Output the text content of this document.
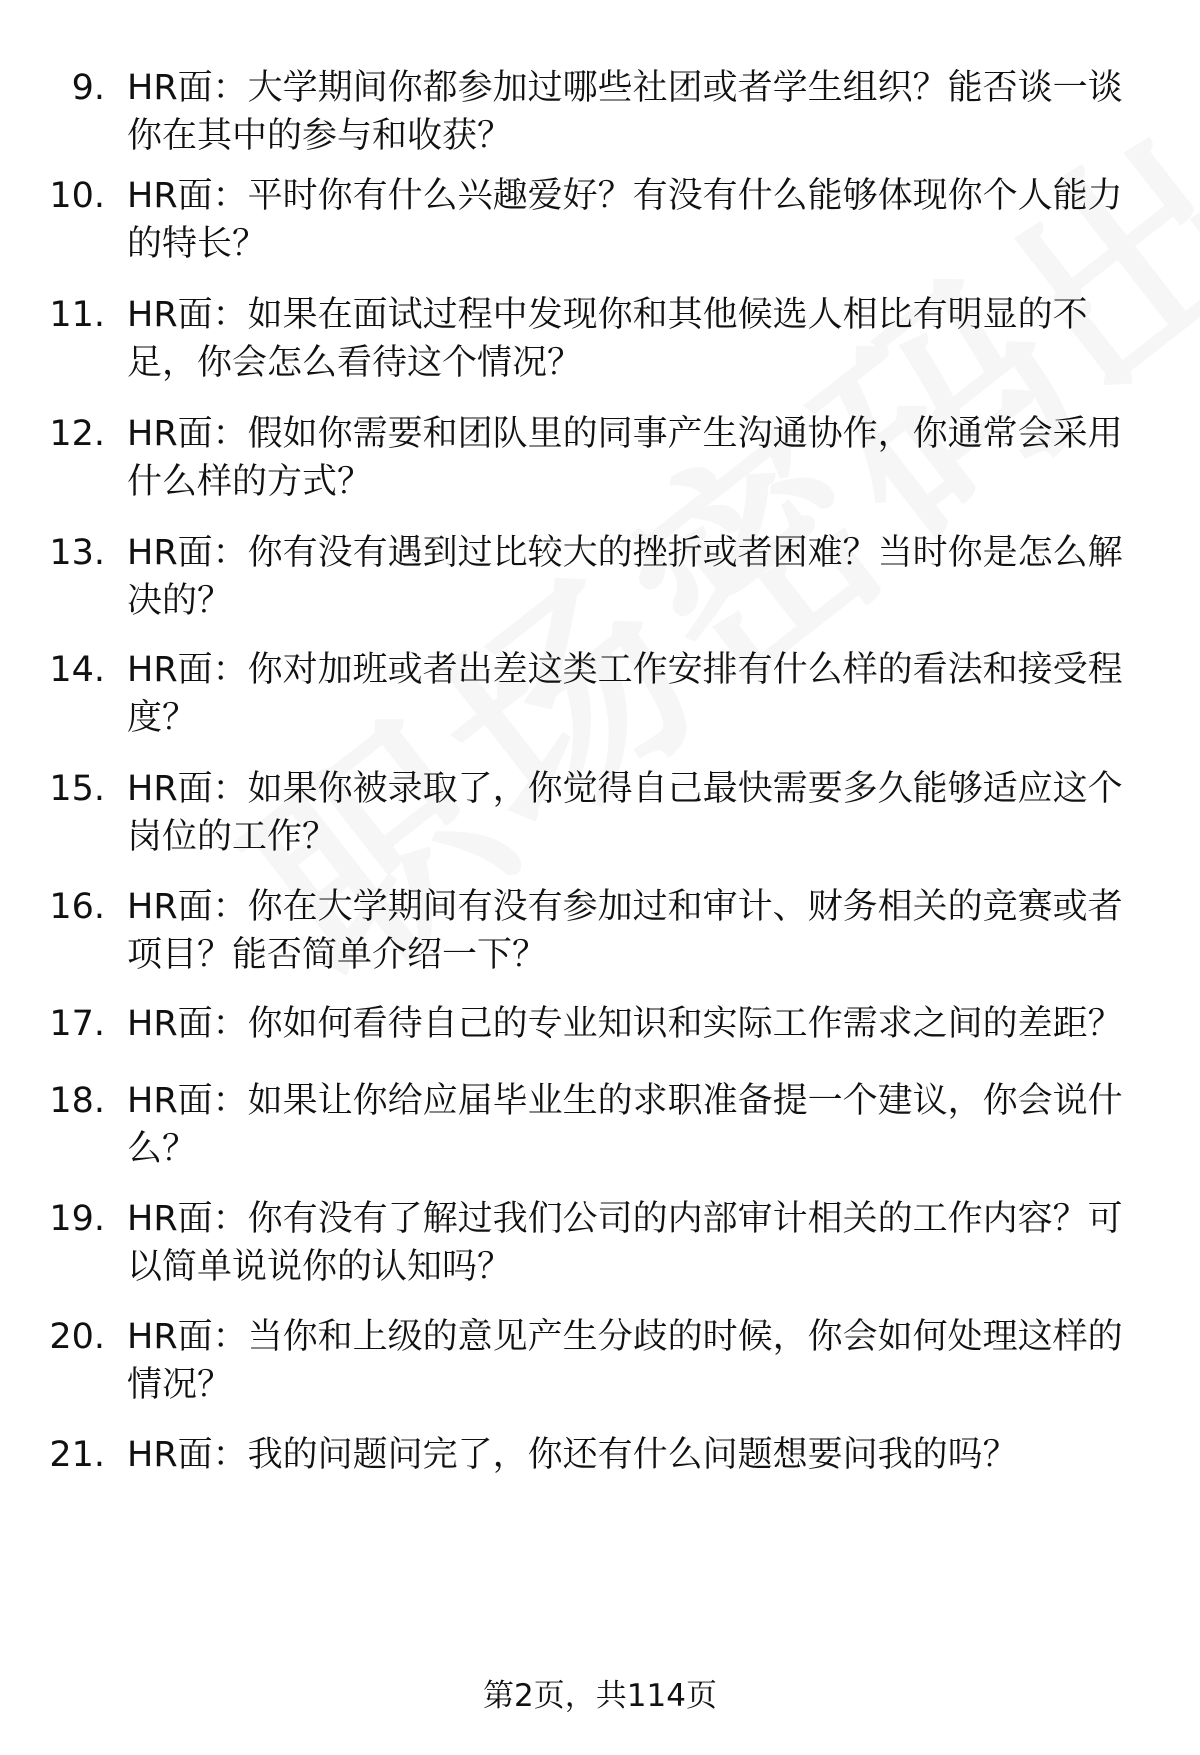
9. HR面：大学期间你都参加过哪些社团或者学生组织？能否谈一谈你在其中的参与和收获？
10. HR面：平时你有什么兴趣爱好？有没有什么能够体现你个人能力的特长？
11. HR面：如果在面试过程中发现你和其他候选人相比有明显的不足，你会怎么看待这个情况？
12. HR面：假如你需要和团队里的同事产生沟通协作，你通常会采用什么样的方式？
13. HR面：你有没有遇到过比较大的挫折或者困难？当时你是怎么解决的？
14. HR面：你对加班或者出差这类工作安排有什么样的看法和接受程度？
15. HR面：如果你被录取了，你觉得自己最快需要多久能够适应这个岗位的工作？
16. HR面：你在大学期间有没有参加过和审计、财务相关的竞赛或者项目？能否简单介绍一下？
17. HR面：你如何看待自己的专业知识和实际工作需求之间的差距？
18. HR面：如果让你给应届毕业生的求职准备提一个建议，你会说什么？
19. HR面：你有没有了解过我们公司的内部审计相关的工作内容？可以简单说说你的认知吗？
20. HR面：当你和上级的意见产生分歧的时候，你会如何处理这样的情况？
21. HR面：我的问题问完了，你还有什么问题想要问我的吗？
第2页，共114页
